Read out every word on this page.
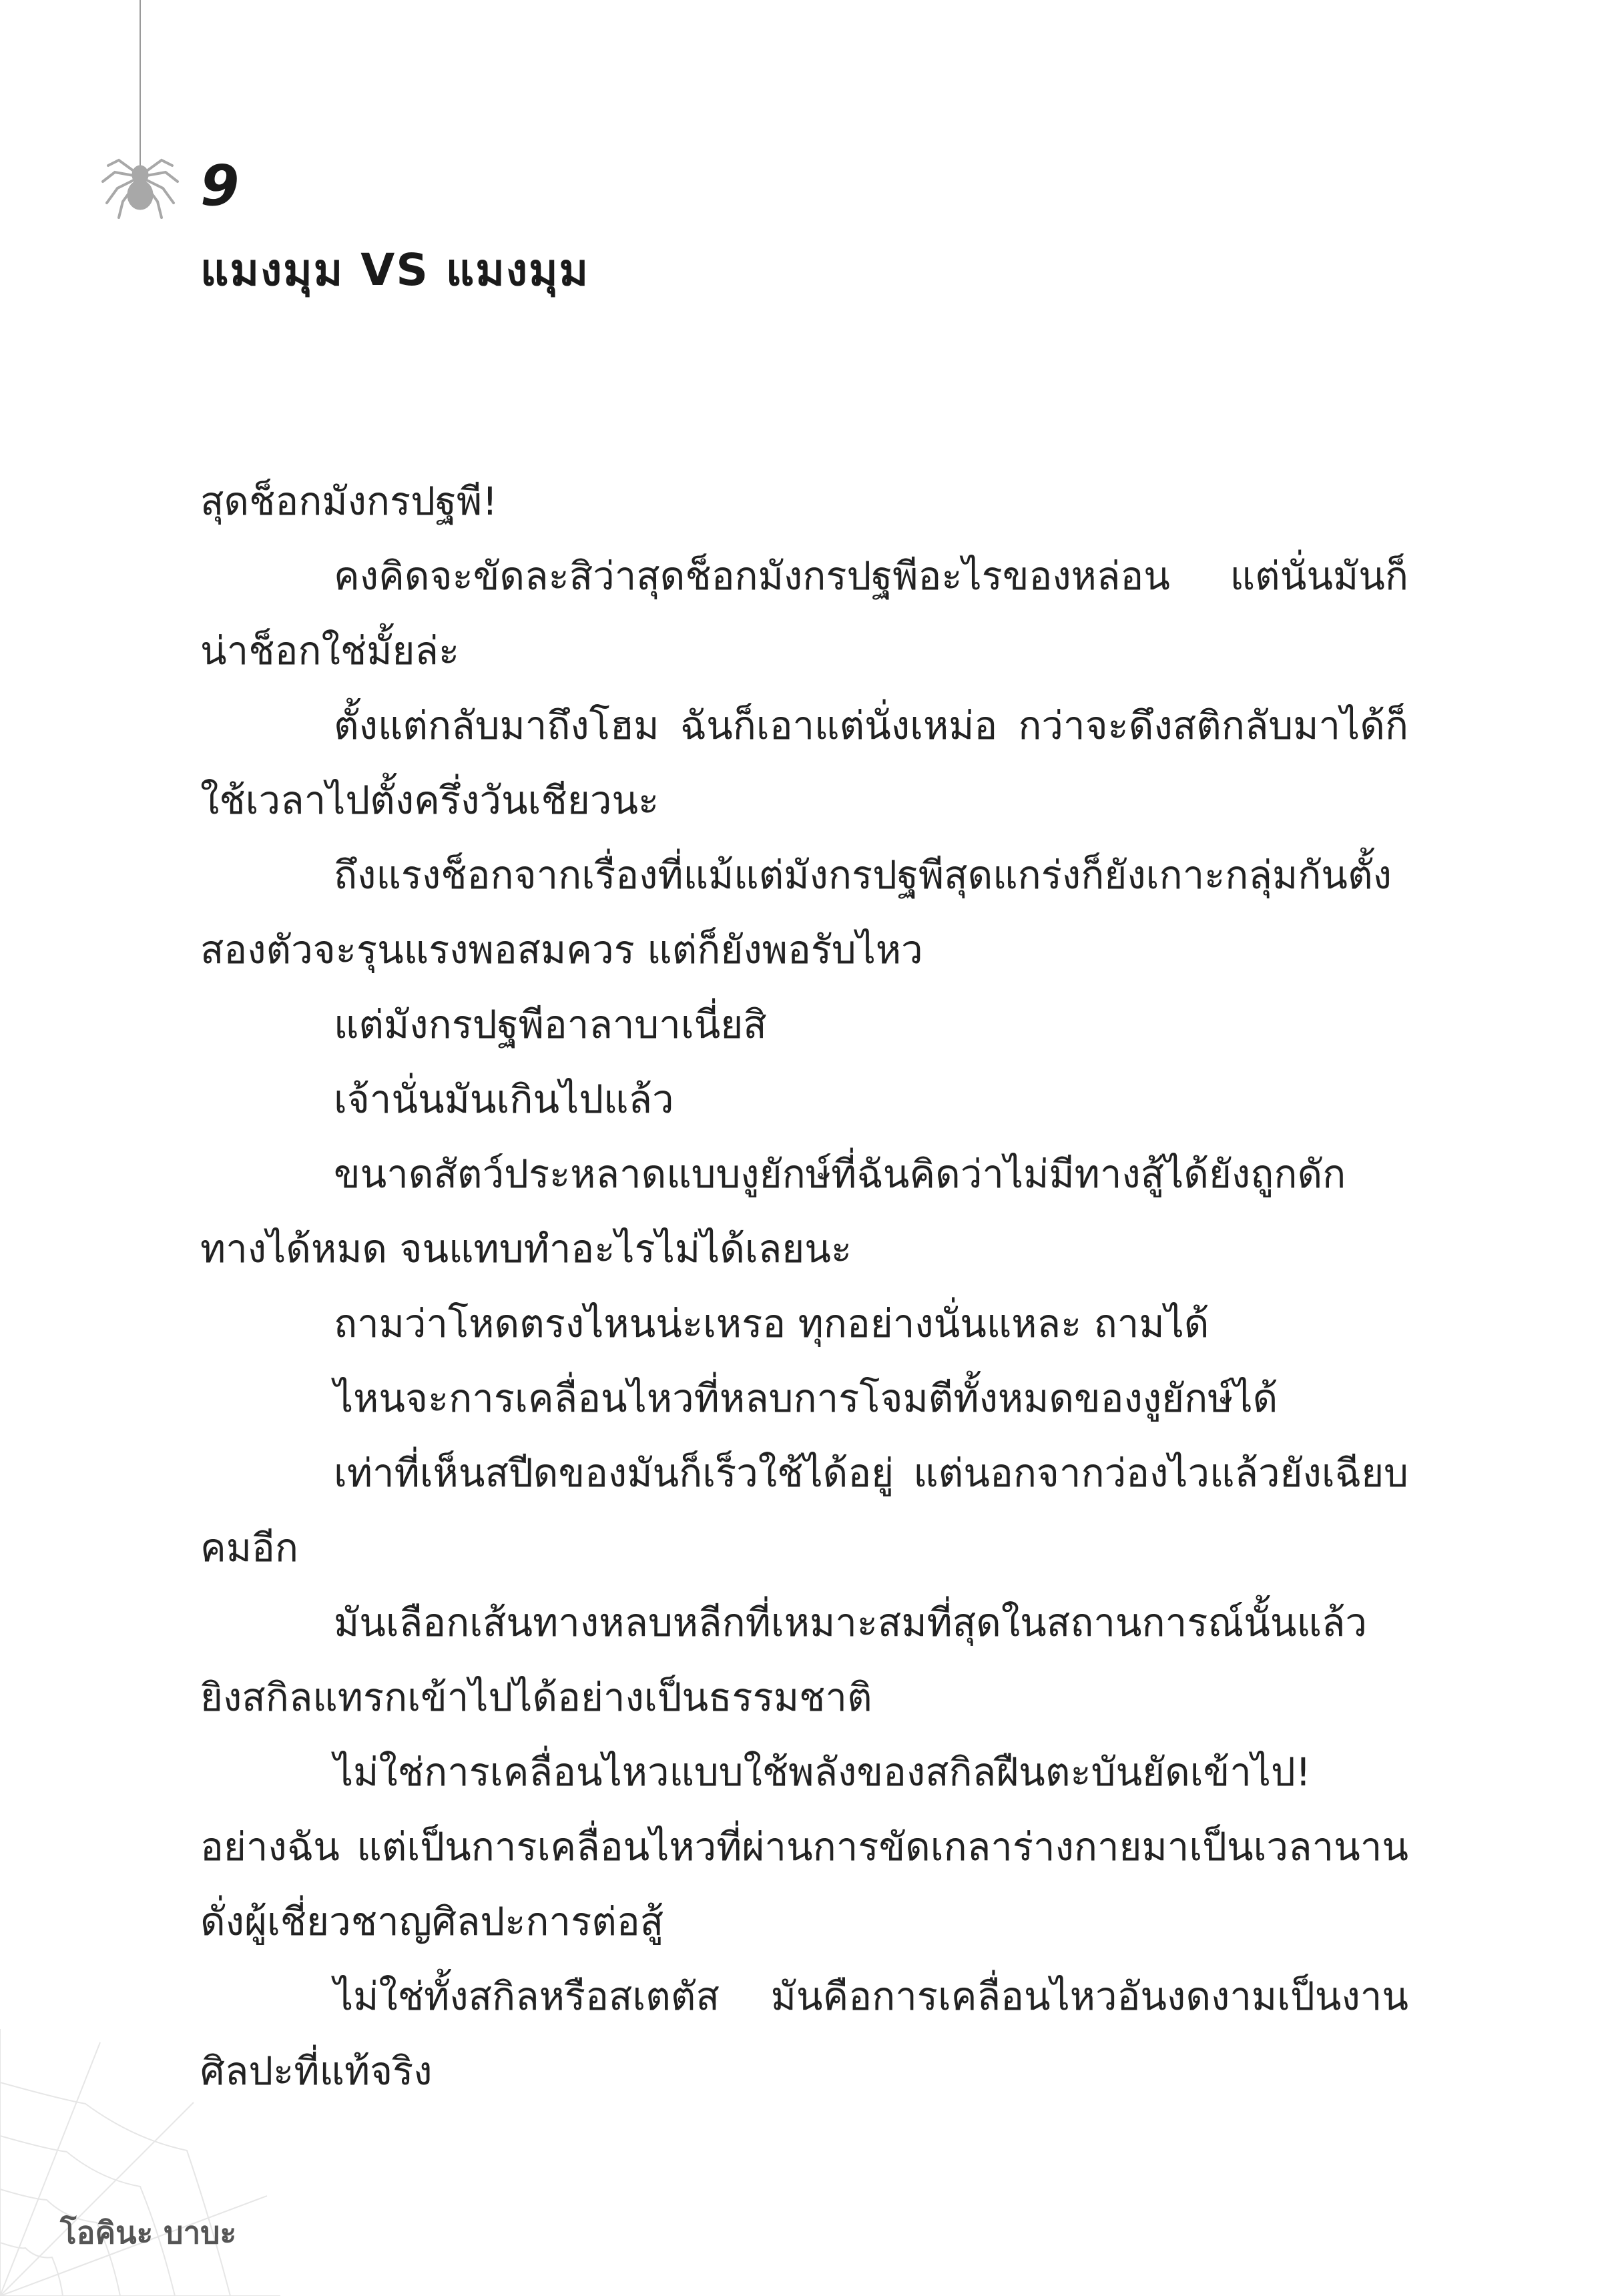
9
แมงมุม VS แมงมุม

สุดช็อกมังกรปฐพี!

คงคิดจะขัดละสิว่าสุดช็อกมังกรปฐพีอะไรของหล่อน แต่นั่นมันก็น่าช็อกใช่มั้ยล่ะ

ตั้งแต่กลับมาถึงโฮม ฉันก็เอาแต่นั่งเหม่อ กว่าจะดึงสติกลับมาได้ก็ใช้เวลาไปตั้งครึ่งวันเชียวนะ

ถึงแรงช็อกจากเรื่องที่แม้แต่มังกรปฐพีสุดแกร่งก็ยังเกาะกลุ่มกันตั้งสองตัวจะรุนแรงพอสมควร แต่ก็ยังพอรับไหว

แต่มังกรปฐพีอาลาบาเนี่ยสิ

เจ้านั่นมันเกินไปแล้ว

ขนาดสัตว์ประหลาดแบบงูยักษ์ที่ฉันคิดว่าไม่มีทางสู้ได้ยังถูกดักทางได้หมด จนแทบทำอะไรไม่ได้เลยนะ

ถามว่าโหดตรงไหนน่ะเหรอ ทุกอย่างนั่นแหละ ถามได้

ไหนจะการเคลื่อนไหวที่หลบการโจมตีทั้งหมดของงูยักษ์ได้

เท่าที่เห็นสปีดของมันก็เร็วใช้ได้อยู่ แต่นอกจากว่องไวแล้วยังเฉียบคมอีก

มันเลือกเส้นทางหลบหลีกที่เหมาะสมที่สุดในสถานการณ์นั้นแล้วยิงสกิลแทรกเข้าไปได้อย่างเป็นธรรมชาติ

ไม่ใช่การเคลื่อนไหวแบบใช้พลังของสกิลฝืนตะบันยัดเข้าไป! อย่างฉัน แต่เป็นการเคลื่อนไหวที่ผ่านการขัดเกลาร่างกายมาเป็นเวลานาน ดั่งผู้เชี่ยวชาญศิลปะการต่อสู้

ไม่ใช่ทั้งสกิลหรือสเตตัส มันคือการเคลื่อนไหวอันงดงามเป็นงานศิลปะที่แท้จริง

โอคินะ บาบะ
